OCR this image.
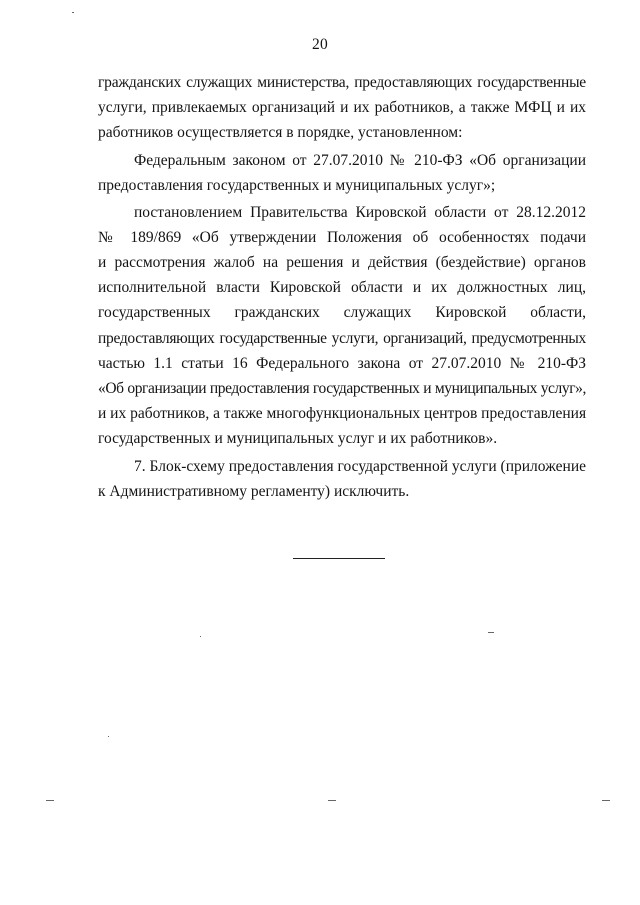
20
гражданских служащих министерства, предоставляющих государственные
услуги, привлекаемых организаций и их работников, а также МФЦ и их
работников осуществляется в порядке, установленном:
Федеральным законом от 27.07.2010 № 210-ФЗ «Об организации
предоставления государственных и муниципальных услуг»;
постановлением Правительства Кировской области от 28.12.2012
№ 189/869 «Об утверждении Положения об особенностях подачи
и рассмотрения жалоб на решения и действия (бездействие) органов
исполнительной власти Кировской области и их должностных лиц,
государственных гражданских служащих Кировской области,
предоставляющих государственные услуги, организаций, предусмотренных
частью 1.1 статьи 16 Федерального закона от 27.07.2010 № 210-ФЗ
«Об организации предоставления государственных и муниципальных услуг»,
и их работников, а также многофункциональных центров предоставления
государственных и муниципальных услуг и их работников».
7. Блок-схему предоставления государственной услуги (приложение
к Административному регламенту) исключить.
